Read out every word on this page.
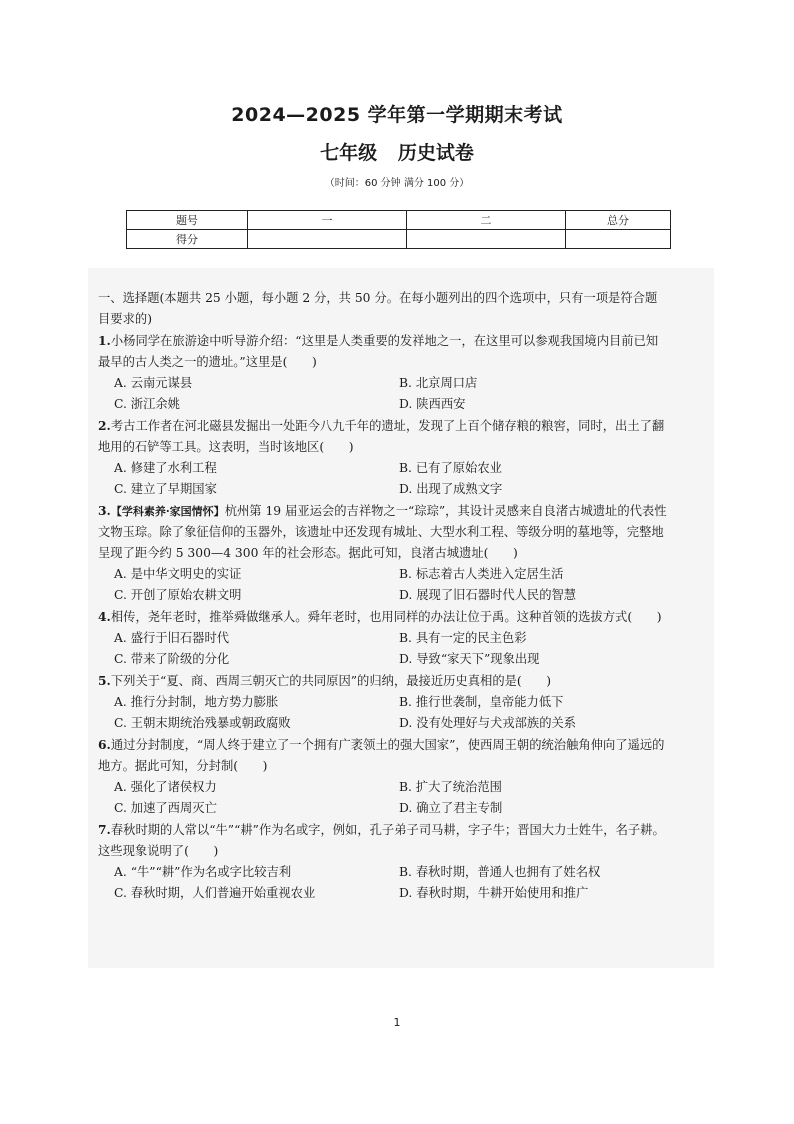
2024—2025 学年第一学期期末考试
七年级 历史试卷
（时间：60 分钟 满分 100 分）
题号	一	二	总分
得分			

一、选择题(本题共 25 小题，每小题 2 分，共 50 分。在每小题列出的四个选项中，只有一项是符合题目要求的)

1.小杨同学在旅游途中听导游介绍：“这里是人类重要的发祥地之一，在这里可以参观我国境内目前已知最早的古人类之一的遗址。”这里是(　　)

A. 云南元谋县	B. 北京周口店
C. 浙江余姚	D. 陕西西安

2.考古工作者在河北磁县发掘出一处距今八九千年的遗址，发现了上百个储存粮的粮窖，同时，出土了翻地用的石铲等工具。这表明，当时该地区(　　)

A. 修建了水利工程	B. 已有了原始农业
C. 建立了早期国家	D. 出现了成熟文字

3.【学科素养·家国情怀】杭州第 19 届亚运会的吉祥物之一“琮琮”，其设计灵感来自良渚古城遗址的代表性文物玉琮。除了象征信仰的玉器外，该遗址中还发现有城址、大型水利工程、等级分明的墓地等，完整地呈现了距今约 5 300—4 300 年的社会形态。据此可知，良渚古城遗址(　　)

A. 是中华文明史的实证	B. 标志着古人类进入定居生活
C. 开创了原始农耕文明	D. 展现了旧石器时代人民的智慧

4.相传，尧年老时，推举舜做继承人。舜年老时，也用同样的办法让位于禹。这种首领的选拔方式(　　)

A. 盛行于旧石器时代	B. 具有一定的民主色彩
C. 带来了阶级的分化	D. 导致“家天下”现象出现

5.下列关于“夏、商、西周三朝灭亡的共同原因”的归纳，最接近历史真相的是(　　)

A. 推行分封制，地方势力膨胀	B. 推行世袭制，皇帝能力低下
C. 王朝末期统治残暴或朝政腐败	D. 没有处理好与犬戎部族的关系

6.通过分封制度，“周人终于建立了一个拥有广袤领土的强大国家”，使西周王朝的统治触角伸向了遥远的地方。据此可知，分封制(　　)

A. 强化了诸侯权力	B. 扩大了统治范围
C. 加速了西周灭亡	D. 确立了君主专制

7.春秋时期的人常以“牛”“耕”作为名或字，例如，孔子弟子司马耕，字子牛；晋国大力士姓牛，名子耕。这些现象说明了(　　)

A. “牛”“耕”作为名或字比较吉利	B. 春秋时期，普通人也拥有了姓名权
C. 春秋时期，人们普遍开始重视农业	D. 春秋时期，牛耕开始使用和推广
1
